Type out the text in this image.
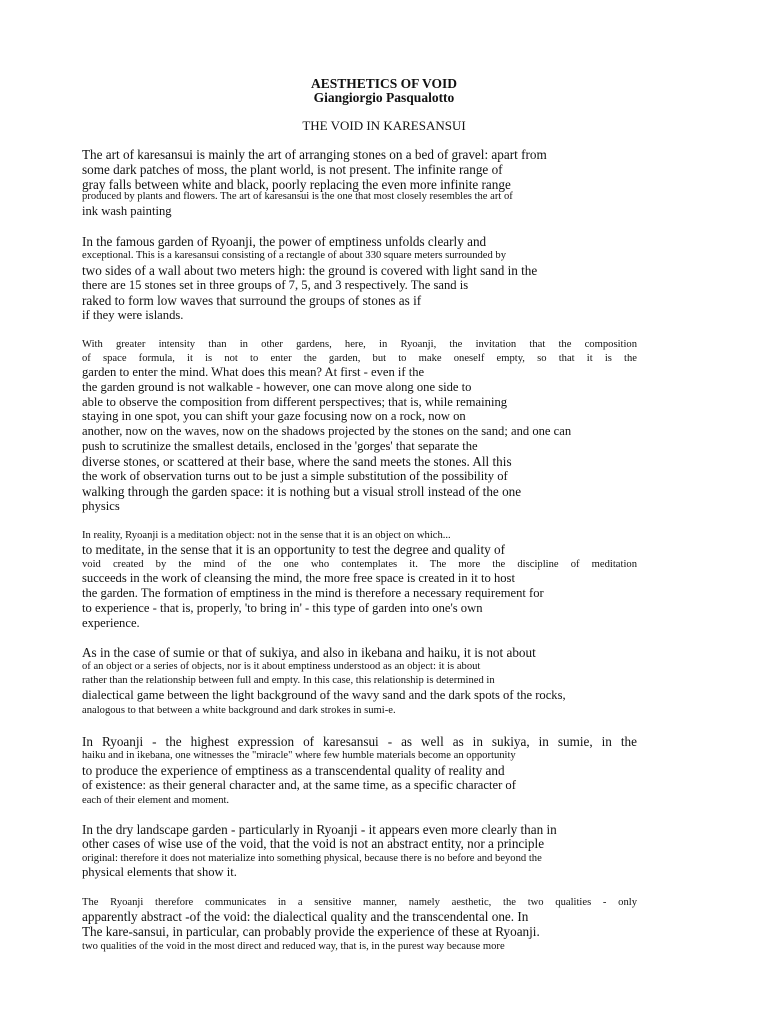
AESTHETICS OF VOID
Giangiorgio Pasqualotto
THE VOID IN KARESANSUI
The art of karesansui is mainly the art of arranging stones on a bed of gravel: apart from
some dark patches of moss, the plant world, is not present. The infinite range of
gray falls between white and black, poorly replacing the even more infinite range
produced by plants and flowers. The art of karesansui is the one that most closely resembles the art of
ink wash painting
In the famous garden of Ryoanji, the power of emptiness unfolds clearly and
exceptional. This is a karesansui consisting of a rectangle of about 330 square meters surrounded by
two sides of a wall about two meters high: the ground is covered with light sand in the
there are 15 stones set in three groups of 7, 5, and 3 respectively. The sand is
raked to form low waves that surround the groups of stones as if
if they were islands.
With greater intensity than in other gardens, here, in Ryoanji, the invitation that the composition
of space formula, it is not to enter the garden, but to make oneself empty, so that it is the
garden to enter the mind. What does this mean? At first - even if the
the garden ground is not walkable - however, one can move along one side to
able to observe the composition from different perspectives; that is, while remaining
staying in one spot, you can shift your gaze focusing now on a rock, now on
another, now on the waves, now on the shadows projected by the stones on the sand; and one can
push to scrutinize the smallest details, enclosed in the 'gorges' that separate the
diverse stones, or scattered at their base, where the sand meets the stones. All this
the work of observation turns out to be just a simple substitution of the possibility of
walking through the garden space: it is nothing but a visual stroll instead of the one
physics
In reality, Ryoanji is a meditation object: not in the sense that it is an object on which...
to meditate, in the sense that it is an opportunity to test the degree and quality of
void created by the mind of the one who contemplates it. The more the discipline of meditation
succeeds in the work of cleansing the mind, the more free space is created in it to host
the garden. The formation of emptiness in the mind is therefore a necessary requirement for
to experience - that is, properly, 'to bring in' - this type of garden into one's own
experience.
As in the case of sumie or that of sukiya, and also in ikebana and haiku, it is not about
of an object or a series of objects, nor is it about emptiness understood as an object: it is about
rather than the relationship between full and empty. In this case, this relationship is determined in
dialectical game between the light background of the wavy sand and the dark spots of the rocks,
analogous to that between a white background and dark strokes in sumi-e.
In Ryoanji - the highest expression of karesansui - as well as in sukiya, in sumie, in the
haiku and in ikebana, one witnesses the "miracle" where few humble materials become an opportunity
to produce the experience of emptiness as a transcendental quality of reality and
of existence: as their general character and, at the same time, as a specific character of
each of their element and moment.
In the dry landscape garden - particularly in Ryoanji - it appears even more clearly than in
other cases of wise use of the void, that the void is not an abstract entity, nor a principle
original: therefore it does not materialize into something physical, because there is no before and beyond the
physical elements that show it.
The Ryoanji therefore communicates in a sensitive manner, namely aesthetic, the two qualities - only
apparently abstract -of the void: the dialectical quality and the transcendental one. In
The kare-sansui, in particular, can probably provide the experience of these at Ryoanji.
two qualities of the void in the most direct and reduced way, that is, in the purest way because more
